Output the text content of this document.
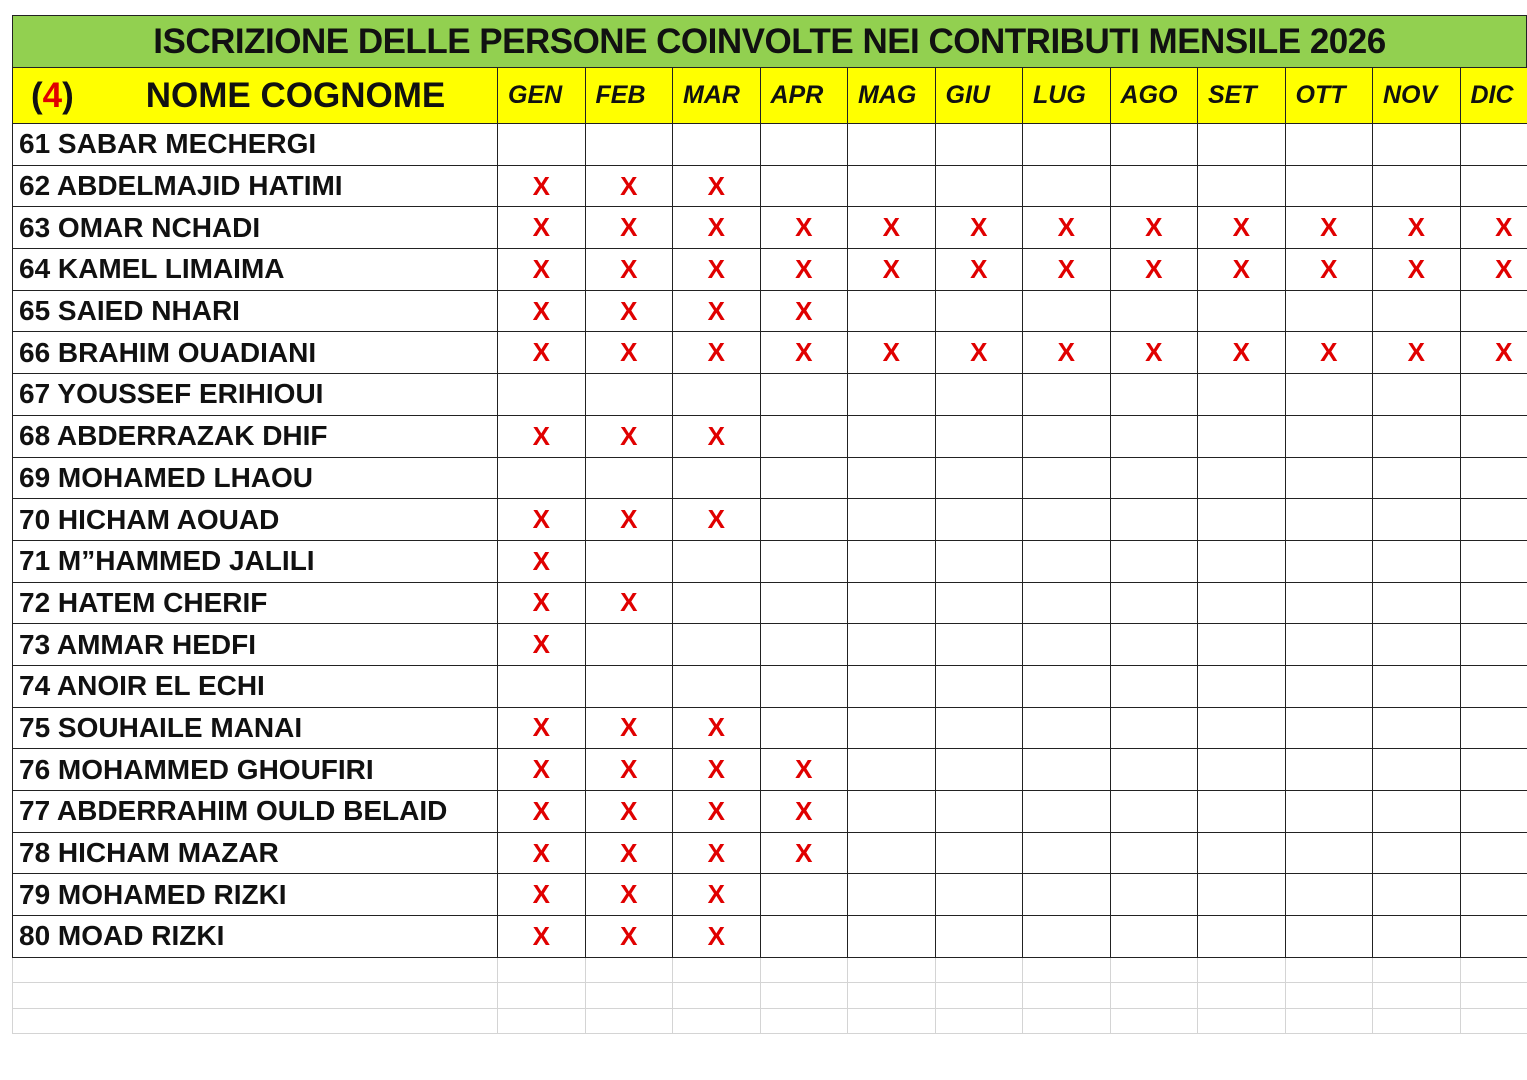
ISCRIZIONE DELLE PERSONE COINVOLTE NEI CONTRIBUTI MENSILE 2026
(4) NOME COGNOME	GEN	FEB	MAR	APR	MAG	GIU	LUG	AGO	SET	OTT	NOV	DIC
61 SABAR MECHERGI												
62 ABDELMAJID HATIMI	X	X	X									
63 OMAR NCHADI	X	X	X	X	X	X	X	X	X	X	X	X
64 KAMEL LIMAIMA	X	X	X	X	X	X	X	X	X	X	X	X
65 SAIED NHARI	X	X	X	X								
66 BRAHIM OUADIANI	X	X	X	X	X	X	X	X	X	X	X	X
67 YOUSSEF ERIHIOUI												
68 ABDERRAZAK DHIF	X	X	X									
69 MOHAMED LHAOU												
70 HICHAM AOUAD	X	X	X									
71 M”HAMMED JALILI	X											
72 HATEM CHERIF	X	X										
73 AMMAR HEDFI	X											
74 ANOIR EL ECHI												
75 SOUHAILE MANAI	X	X	X									
76 MOHAMMED GHOUFIRI	X	X	X	X								
77 ABDERRAHIM OULD BELAID	X	X	X	X								
78 HICHAM MAZAR	X	X	X	X								
79 MOHAMED RIZKI	X	X	X									
80 MOAD RIZKI	X	X	X									
